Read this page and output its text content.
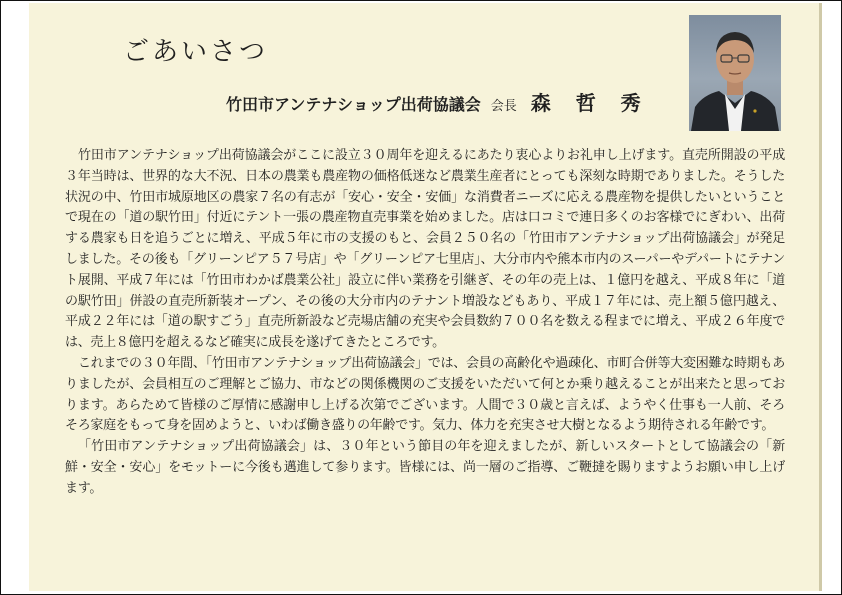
ごあいさつ
竹田市アンテナショップ出荷協議会 会長 森 哲 秀

竹田市アンテナショップ出荷協議会がここに設立３０周年を迎えるにあたり衷心よりお礼申し上げます。直売所開設の平成３年当時は、世界的な大不況、日本の農業も農産物の価格低迷など農業生産者にとっても深刻な時期でありました。そうした状況の中、竹田市城原地区の農家７名の有志が「安心・安全・安価」な消費者ニーズに応える農産物を提供したいということで現在の「道の駅竹田」付近にテント一張の農産物直売事業を始めました。店は口コミで連日多くのお客様でにぎわい、出荷する農家も日を追うごとに増え、平成５年に市の支援のもと、会員２５０名の「竹田市アンテナショップ出荷協議会」が発足しました。その後も「グリーンピア５７号店」や「グリーンピア七里店」、大分市内や熊本市内のスーパーやデパートにテナント展開、平成７年には「竹田市わかば農業公社」設立に伴い業務を引継ぎ、その年の売上は、１億円を越え、平成８年に「道の駅竹田」併設の直売所新装オープン、その後の大分市内のテナント増設などもあり、平成１７年には、売上額５億円越え、平成２２年には「道の駅すごう」直売所新設など売場店舗の充実や会員数約７００名を数える程までに増え、平成２６年度では、売上８億円を超えるなど確実に成長を遂げてきたところです。

これまでの３０年間、「竹田市アンテナショップ出荷協議会」では、会員の高齢化や過疎化、市町合併等大変困難な時期もありましたが、会員相互のご理解とご協力、市などの関係機関のご支援をいただいて何とか乗り越えることが出来たと思っております。あらためて皆様のご厚情に感謝申し上げる次第でございます。人間で３０歳と言えば、ようやく仕事も一人前、そろそろ家庭をもって身を固めようと、いわば働き盛りの年齢です。気力、体力を充実させ大樹となるよう期待される年齢です。

「竹田市アンテナショップ出荷協議会」は、３０年という節目の年を迎えましたが、新しいスタートとして協議会の「新鮮・安全・安心」をモットーに今後も邁進して参ります。皆様には、尚一層のご指導、ご鞭撻を賜りますようお願い申し上げます。
